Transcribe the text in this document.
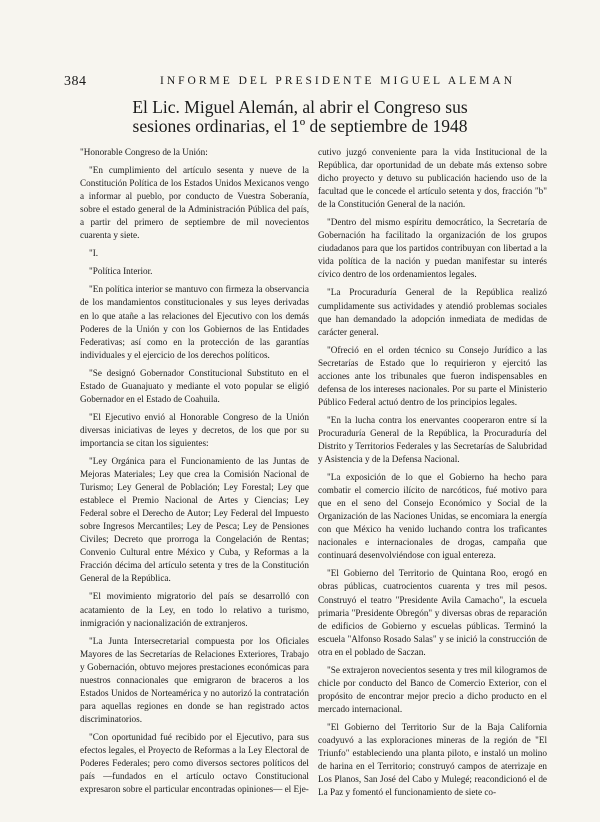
384	INFORME DEL PRESIDENTE MIGUEL ALEMAN
El Lic. Miguel Alemán, al abrir el Congreso sus
sesiones ordinarias, el 1º de septiembre de 1948

"Honorable Congreso de la Unión:

"En cumplimiento del artículo sesenta y nueve de la Constitución Política de los Estados Unidos Mexicanos vengo a informar al pueblo, por conducto de Vuestra Soberanía, sobre el estado general de la Administración Pública del país, a partir del primero de septiembre de mil novecientos cuarenta y siete.

"I.

"Política Interior.

"En política interior se mantuvo con firmeza la observancia de los mandamientos constitucionales y sus leyes derivadas en lo que atañe a las relaciones del Ejecutivo con los demás Poderes de la Unión y con los Gobiernos de las Entidades Federativas; así como en la protección de las garantías individuales y el ejercicio de los derechos políticos.

"Se designó Gobernador Constitucional Substituto en el Estado de Guanajuato y mediante el voto popular se eligió Gobernador en el Estado de Coahuila.

"El Ejecutivo envió al Honorable Congreso de la Unión diversas iniciativas de leyes y decretos, de los que por su importancia se citan los siguientes:

"Ley Orgánica para el Funcionamiento de las Juntas de Mejoras Materiales; Ley que crea la Comisión Nacional de Turismo; Ley General de Población; Ley Forestal; Ley que establece el Premio Nacional de Artes y Ciencias; Ley Federal sobre el Derecho de Autor; Ley Federal del Impuesto sobre Ingresos Mercantiles; Ley de Pesca; Ley de Pensiones Civiles; Decreto que prorroga la Congelación de Rentas; Convenio Cultural entre México y Cuba, y Reformas a la Fracción décima del artículo setenta y tres de la Constitución General de la República.

"El movimiento migratorio del país se desarrolló con acatamiento de la Ley, en todo lo relativo a turismo, inmigración y nacionalización de extranjeros.

"La Junta Intersecretarial compuesta por los Oficiales Mayores de las Secretarías de Relaciones Exteriores, Trabajo y Gobernación, obtuvo mejores prestaciones económicas para nuestros connacionales que emigraron de braceros a los Estados Unidos de Norteamérica y no autorizó la contratación para aquellas regiones en donde se han registrado actos discriminatorios.

"Con oportunidad fué recibido por el Ejecutivo, para sus efectos legales, el Proyecto de Reformas a la Ley Electoral de Poderes Federales; pero como diversos sectores políticos del país —fundados en el artículo octavo Constitucional expresaron sobre el particular encontradas opiniones— el Eje-

cutivo juzgó conveniente para la vida Institucional de la República, dar oportunidad de un debate más extenso sobre dicho proyecto y detuvo su publicación haciendo uso de la facultad que le concede el artículo setenta y dos, fracción "b" de la Constitución General de la nación.

"Dentro del mismo espíritu democrático, la Secretaría de Gobernación ha facilitado la organización de los grupos ciudadanos para que los partidos contribuyan con libertad a la vida política de la nación y puedan manifestar su interés cívico dentro de los ordenamientos legales.

"La Procuraduría General de la República realizó cumplidamente sus actividades y atendió problemas sociales que han demandado la adopción inmediata de medidas de carácter general.

"Ofreció en el orden técnico su Consejo Jurídico a las Secretarías de Estado que lo requirieron y ejercitó las acciones ante los tribunales que fueron indispensables en defensa de los intereses nacionales. Por su parte el Ministerio Público Federal actuó dentro de los principios legales.

"En la lucha contra los enervantes cooperaron entre sí la Procuraduría General de la República, la Procuraduría del Distrito y Territorios Federales y las Secretarías de Salubridad y Asistencia y de la Defensa Nacional.

"La exposición de lo que el Gobierno ha hecho para combatir el comercio ilícito de narcóticos, fué motivo para que en el seno del Consejo Económico y Social de la Organización de las Naciones Unidas, se encomiara la energía con que México ha venido luchando contra los traficantes nacionales e internacionales de drogas, campaña que continuará desenvolviéndose con igual entereza.

"El Gobierno del Territorio de Quintana Roo, erogó en obras públicas, cuatrocientos cuarenta y tres mil pesos. Construyó el teatro "Presidente Avila Camacho", la escuela primaria "Presidente Obregón" y diversas obras de reparación de edificios de Gobierno y escuelas públicas. Terminó la escuela "Alfonso Rosado Salas" y se inició la construcción de otra en el poblado de Saczan.

"Se extrajeron novecientos sesenta y tres mil kilogramos de chicle por conducto del Banco de Comercio Exterior, con el propósito de encontrar mejor precio a dicho producto en el mercado internacional.

"El Gobierno del Territorio Sur de la Baja California coadyuvó a las exploraciones mineras de la región de "El Triunfo" estableciendo una planta piloto, e instaló un molino de harina en el Territorio; construyó campos de aterrizaje en Los Planos, San José del Cabo y Mulegé; reacondicionó el de La Paz y fomentó el funcionamiento de siete co-
